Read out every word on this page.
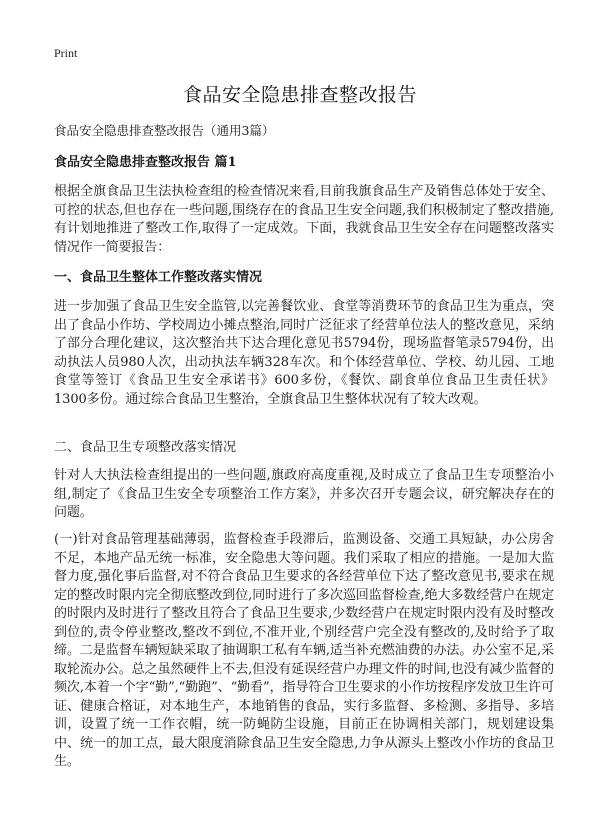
Print
食品安全隐患排查整改报告

食品安全隐患排查整改报告（通用3篇）

食品安全隐患排查整改报告 篇1

根据全旗食品卫生法执检查组的检查情况来看,目前我旗食品生产及销售总体处于安全、可控的状态,但也存在一些问题,围绕存在的食品卫生安全问题,我们积极制定了整改措施,有计划地推进了整改工作,取得了一定成效。下面，我就食品卫生安全存在问题整改落实情况作一简要报告：

一、食品卫生整体工作整改落实情况

进一步加强了食品卫生安全监管,以完善餐饮业、食堂等消费环节的食品卫生为重点，突出了食品小作坊、学校周边小摊点整治,同时广泛征求了经营单位法人的整改意见，采纳了部分合理化建议，这次整治共下达合理化意见书5794份，现场监督笔录5794份，出动执法人员980人次，出动执法车辆328车次。和个体经营单位、学校、幼儿园、工地食堂等签订《食品卫生安全承诺书》600多份，《餐饮、副食单位食品卫生责任状》1300多份。通过综合食品卫生整治，全旗食品卫生整体状况有了较大改观。

二、食品卫生专项整改落实情况

针对人大执法检查组提出的一些问题,旗政府高度重视,及时成立了食品卫生专项整治小组,制定了《食品卫生安全专项整治工作方案》，并多次召开专题会议，研究解决存在的问题。

(一)针对食品管理基础薄弱，监督检查手段滞后，监测设备、交通工具短缺，办公房舍不足，本地产品无统一标准，安全隐患大等问题。我们采取了相应的措施。一是加大监督力度,强化事后监督,对不符合食品卫生要求的各经营单位下达了整改意见书,要求在规定的整改时限内完全彻底整改到位,同时进行了多次巡回监督检查,绝大多数经营户在规定的时限内及时进行了整改且符合了食品卫生要求,少数经营户在规定时限内没有及时整改到位的,责令停业整改,整改不到位,不准开业,个别经营户完全没有整改的,及时给予了取缔。二是监督车辆短缺采取了抽调职工私有车辆,适当补充燃油费的办法。办公室不足,采取轮流办公。总之虽然硬件上不去,但没有延误经营户办理文件的时间,也没有减少监督的频次,本着一个字“勤”,“勤跑”、“勤看”，指导符合卫生要求的小作坊按程序发放卫生许可证、健康合格证，对本地生产，本地销售的食品，实行多监督、多检测、多指导、多培训，设置了统一工作衣帽，统一防蝇防尘设施，目前正在协调相关部门，规划建设集中、统一的加工点，最大限度消除食品卫生安全隐患,力争从源头上整改小作坊的食品卫生。
